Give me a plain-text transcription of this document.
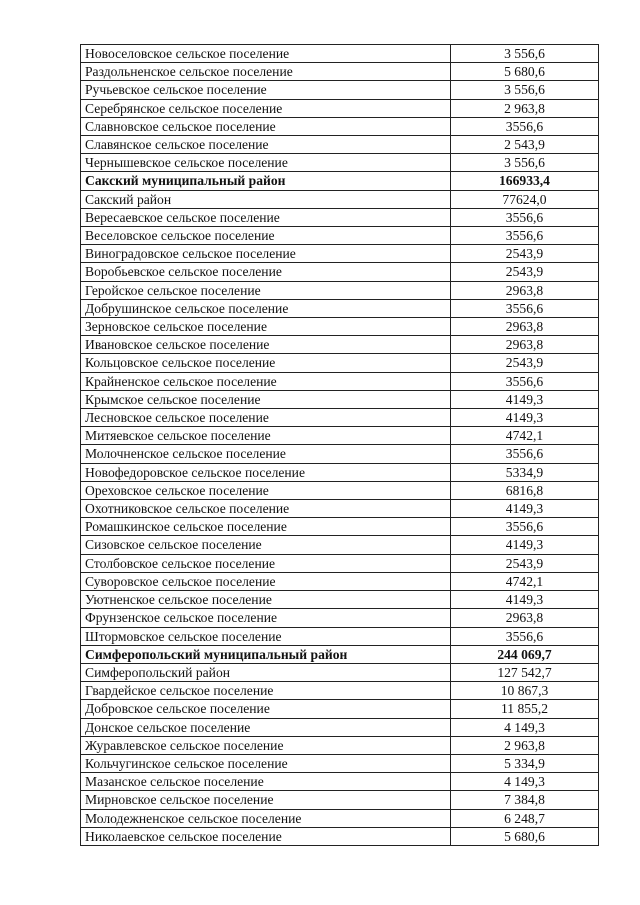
Новоселовское сельское поселение	3 556,6
Раздольненское сельское поселение	5 680,6
Ручьевское сельское поселение	3 556,6
Серебрянское сельское поселение	2 963,8
Славновское сельское поселение	3556,6
Славянское сельское поселение	2 543,9
Чернышевское сельское поселение	3 556,6
Сакский муниципальный район	166933,4
Сакский район	77624,0
Вересаевское сельское поселение	3556,6
Веселовское сельское поселение	3556,6
Виноградовское сельское поселение	2543,9
Воробьевское сельское поселение	2543,9
Геройское сельское поселение	2963,8
Добрушинское сельское поселение	3556,6
Зерновское сельское поселение	2963,8
Ивановское сельское поселение	2963,8
Кольцовское сельское поселение	2543,9
Крайненское сельское поселение	3556,6
Крымское сельское поселение	4149,3
Лесновское сельское поселение	4149,3
Митяевское сельское поселение	4742,1
Молочненское сельское поселение	3556,6
Новофедоровское сельское поселение	5334,9
Ореховское сельское поселение	6816,8
Охотниковское сельское поселение	4149,3
Ромашкинское сельское поселение	3556,6
Сизовское сельское поселение	4149,3
Столбовское сельское поселение	2543,9
Суворовское сельское поселение	4742,1
Уютненское сельское поселение	4149,3
Фрунзенское сельское поселение	2963,8
Штормовское сельское поселение	3556,6
Симферопольский муниципальный район	244 069,7
Симферопольский район	127 542,7
Гвардейское сельское поселение	10 867,3
Добровское сельское поселение	11 855,2
Донское сельское поселение	4 149,3
Журавлевское сельское поселение	2 963,8
Кольчугинское сельское поселение	5 334,9
Мазанское сельское поселение	4 149,3
Мирновское сельское поселение	7 384,8
Молодежненское сельское поселение	6 248,7
Николаевское сельское поселение	5 680,6
